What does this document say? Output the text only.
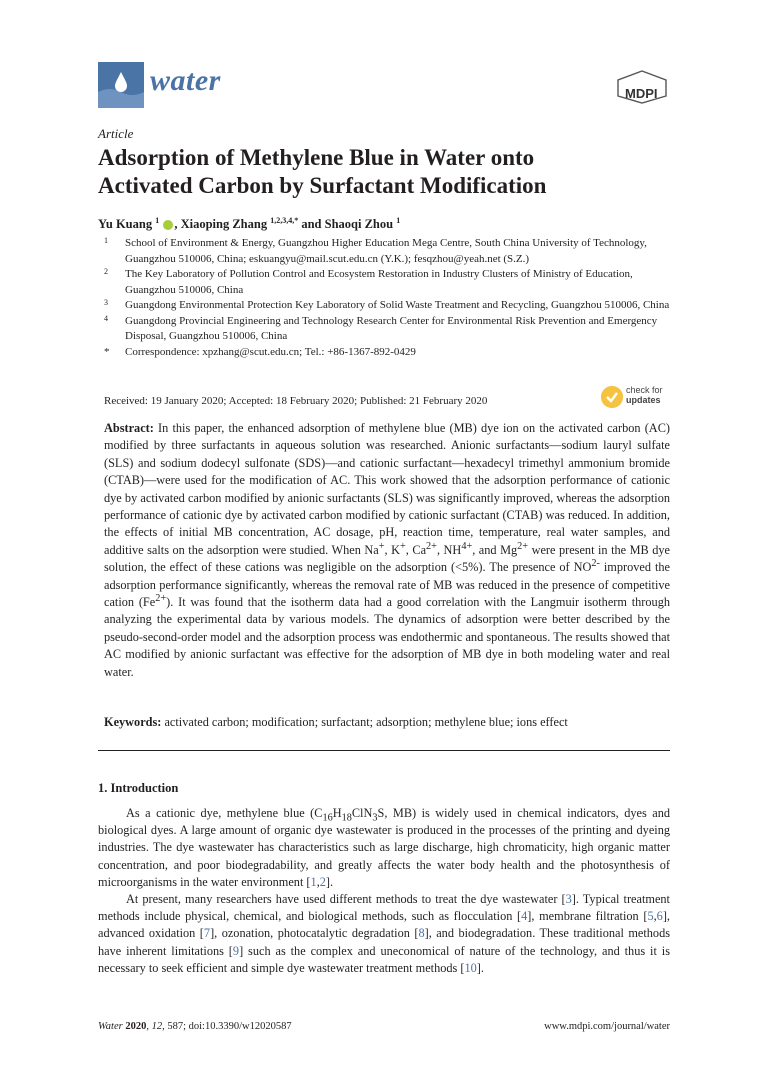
water	MDPI
Article
Adsorption of Methylene Blue in Water onto
Activated Carbon by Surfactant Modification
Yu Kuang $^1$ , Xiaoping Zhang $^{1,2,3,4,*}$ and Shaoqi Zhou $^1$
1 School of Environment & Energy, Guangzhou Higher Education Mega Centre, South China University of Technology, Guangzhou 510006, China; eskuangyu@mail.scut.edu.cn (Y.K.); fesqzhou@yeah.net (S.Z.)
2 The Key Laboratory of Pollution Control and Ecosystem Restoration in Industry Clusters of Ministry of Education, Guangzhou 510006, China
3 Guangdong Environmental Protection Key Laboratory of Solid Waste Treatment and Recycling, Guangzhou 510006, China
4 Guangdong Provincial Engineering and Technology Research Center for Environmental Risk Prevention and Emergency Disposal, Guangzhou 510006, China
* Correspondence: xpzhang@scut.edu.cn; Tel.: +86-1367-892-0429
Received: 19 January 2020; Accepted: 18 February 2020; Published: 21 February 2020
check for
updates

Abstract: In this paper, the enhanced adsorption of methylene blue (MB) dye ion on the activated carbon (AC) modified by three surfactants in aqueous solution was researched. Anionic surfactants—sodium lauryl sulfate (SLS) and sodium dodecyl sulfonate (SDS)—and cationic surfactant—hexadecyl trimethyl ammonium bromide (CTAB)—were used for the modification of AC. This work showed that the adsorption performance of cationic dye by activated carbon modified by anionic surfactants (SLS) was significantly improved, whereas the adsorption performance of cationic dye by activated carbon modified by cationic surfactant (CTAB) was reduced. In addition, the effects of initial MB concentration, AC dosage, pH, reaction time, temperature, real water samples, and additive salts on the adsorption were studied. When Na+, K+, $Ca^{2+}$, $NH^{4+}$, and $Mg^{2+}$ were present in the MB dye solution, the effect of these cations was negligible on the adsorption (<5%). The presence of $NO^{2-}$ improved the adsorption performance significantly, whereas the removal rate of MB was reduced in the presence of competitive cation $(Fe^{2+})$. It was found that the isotherm data had a good correlation with the Langmuir isotherm through analyzing the experimental data by various models. The dynamics of adsorption were better described by the pseudo-second-order model and the adsorption process was endothermic and spontaneous. The results showed that AC modified by anionic surfactant was effective for the adsorption of MB dye in both modeling water and real water.

Keywords: activated carbon; modification; surfactant; adsorption; methylene blue; ions effect

1. Introduction

As a cationic dye, methylene blue ($C_{16}H_{18}ClN_3S$, MB) is widely used in chemical indicators, dyes and biological dyes. A large amount of organic dye wastewater is produced in the processes of the printing and dyeing industries. The dye wastewater has characteristics such as large discharge, high chromaticity, high organic matter concentration, and poor biodegradability, and greatly affects the water body health and the photosynthesis of microorganisms in the water environment [1,2].

At present, many researchers have used different methods to treat the dye wastewater [3]. Typical treatment methods include physical, chemical, and biological methods, such as flocculation [4], membrane filtration [5,6], advanced oxidation [7], ozonation, photocatalytic degradation [8], and biodegradation. These traditional methods have inherent limitations [9] such as the complex and uneconomical of nature of the technology, and thus it is necessary to seek efficient and simple dye wastewater treatment methods [10].

Water 2020, 12, 587; doi:10.3390/w12020587	www.mdpi.com/journal/water
